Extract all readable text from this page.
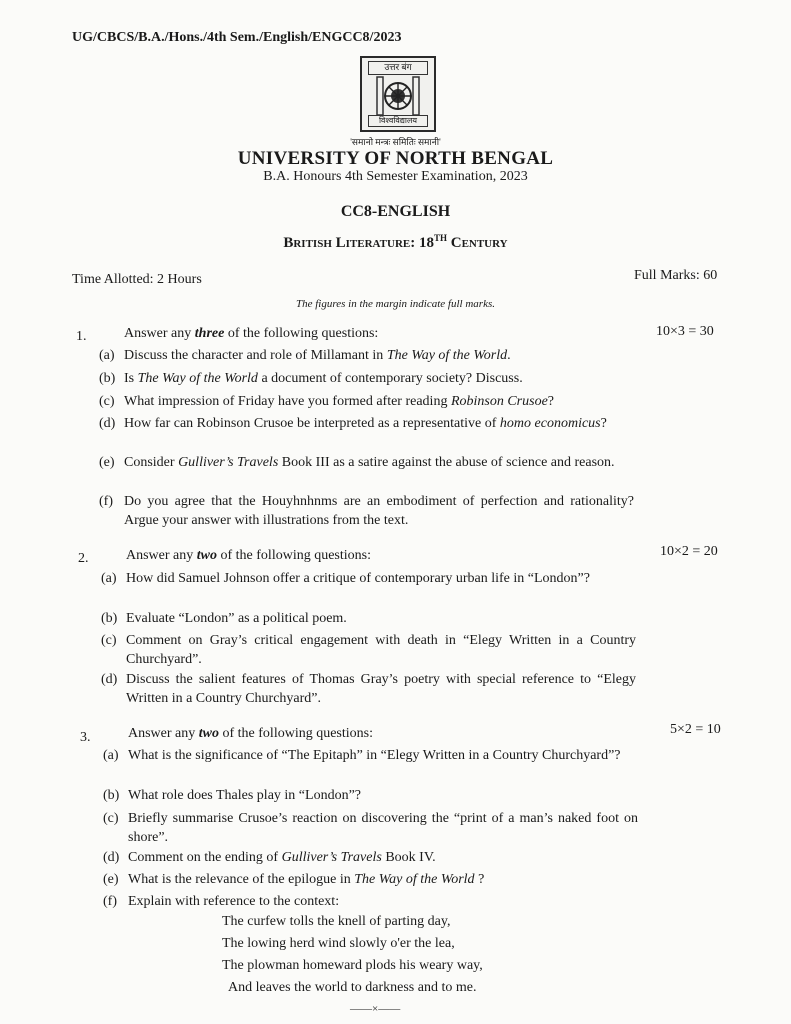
UG/CBCS/B.A./Hons./4th Sem./English/ENGCC8/2023
उत्तर बंग
विश्वविद्यालय
'समानो मन्त्रः समितिः समानी'
UNIVERSITY OF NORTH BENGAL
B.A. Honours 4th Semester Examination, 2023
CC8-ENGLISH
British Literature: 18TH Century
Time Allotted: 2 Hours	Full Marks: 60
The figures in the margin indicate full marks.
1.	Answer any three of the following questions:	10×3 = 30
(a) Discuss the character and role of Millamant in The Way of the World.
(b) Is The Way of the World a document of contemporary society? Discuss.
(c) What impression of Friday have you formed after reading Robinson Crusoe?
(d) How far can Robinson Crusoe be interpreted as a representative of homo economicus?
(e) Consider Gulliver’s Travels Book III as a satire against the abuse of science and reason.
(f) Do you agree that the Houyhnhnms are an embodiment of perfection and rationality? Argue your answer with illustrations from the text.
2.	Answer any two of the following questions:	10×2 = 20
(a) How did Samuel Johnson offer a critique of contemporary urban life in “London”?
(b) Evaluate “London” as a political poem.
(c) Comment on Gray’s critical engagement with death in “Elegy Written in a Country Churchyard”.
(d) Discuss the salient features of Thomas Gray’s poetry with special reference to “Elegy Written in a Country Churchyard”.
3.	Answer any two of the following questions:	5×2 = 10
(a) What is the significance of “The Epitaph” in “Elegy Written in a Country Churchyard”?
(b) What role does Thales play in “London”?
(c) Briefly summarise Crusoe’s reaction on discovering the “print of a man’s naked foot on shore”.
(d) Comment on the ending of Gulliver’s Travels Book IV.
(e) What is the relevance of the epilogue in The Way of the World ?
(f) Explain with reference to the context:
The curfew tolls the knell of parting day,
The lowing herd wind slowly o'er the lea,
The plowman homeward plods his weary way,
And leaves the world to darkness and to me.
——×——
